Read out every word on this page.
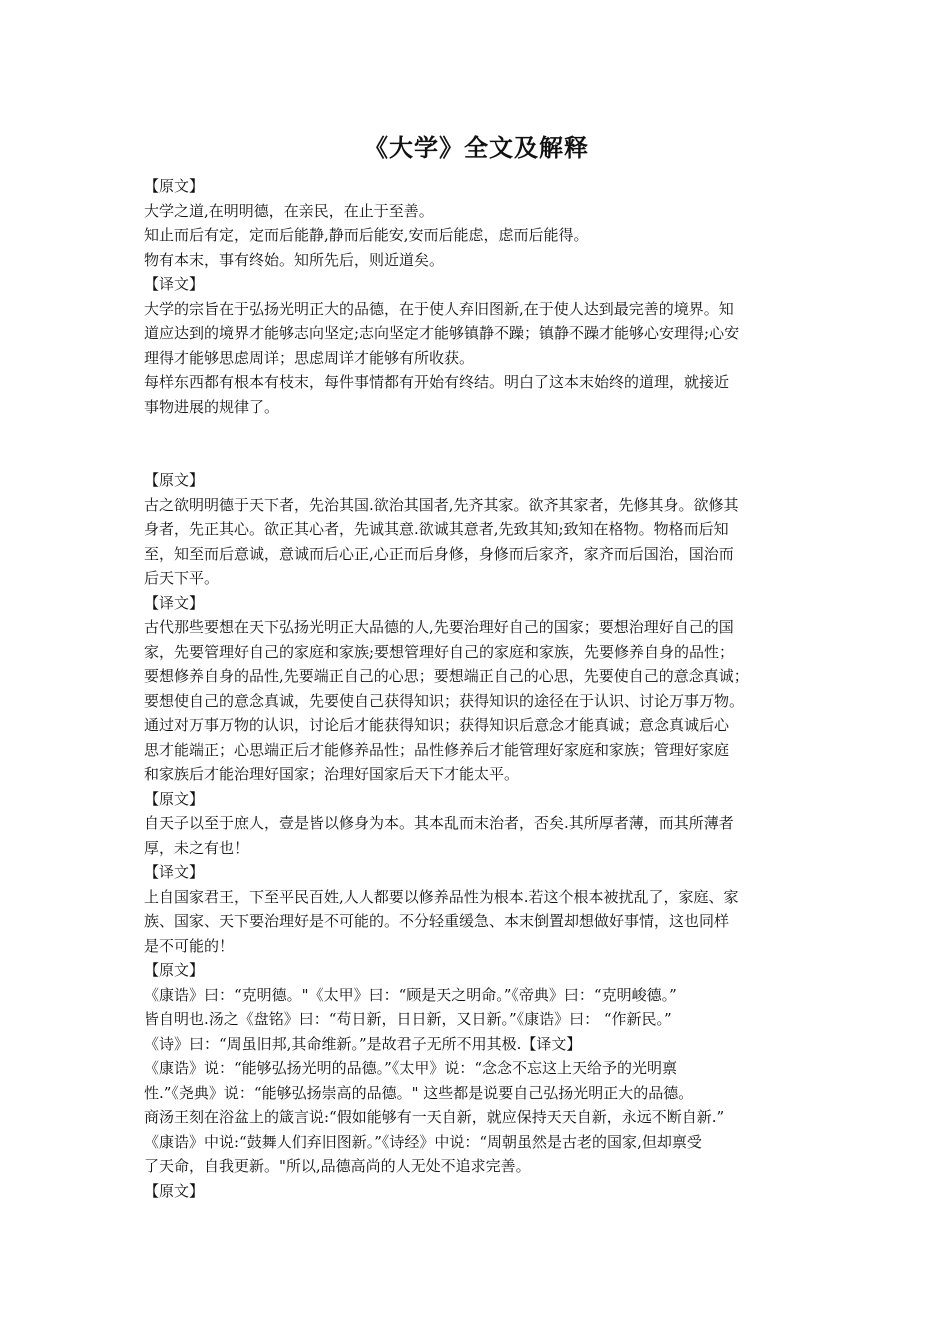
《大学》全文及解释

【原文】

大学之道,在明明德，在亲民，在止于至善。

知止而后有定，定而后能静,静而后能安,安而后能虑，虑而后能得。

物有本末，事有终始。知所先后，则近道矣。

【译文】

大学的宗旨在于弘扬光明正大的品德，在于使人弃旧图新,在于使人达到最完善的境界。知

道应达到的境界才能够志向坚定;志向坚定才能够镇静不躁；镇静不躁才能够心安理得;心安

理得才能够思虑周详；思虑周详才能够有所收获。

每样东西都有根本有枝末，每件事情都有开始有终结。明白了这本末始终的道理，就接近

事物进展的规律了。

【原文】

古之欲明明德于天下者，先治其国.欲治其国者,先齐其家。欲齐其家者，先修其身。欲修其

身者，先正其心。欲正其心者，先诚其意.欲诚其意者,先致其知;致知在格物。物格而后知

至，知至而后意诚，意诚而后心正,心正而后身修，身修而后家齐，家齐而后国治，国治而

后天下平。

【译文】

古代那些要想在天下弘扬光明正大品德的人,先要治理好自己的国家；要想治理好自己的国

家，先要管理好自己的家庭和家族;要想管理好自己的家庭和家族，先要修养自身的品性；

要想修养自身的品性,先要端正自己的心思；要想端正自己的心思，先要使自己的意念真诚；

要想使自己的意念真诚，先要使自己获得知识；获得知识的途径在于认识、讨论万事万物。

通过对万事万物的认识，讨论后才能获得知识；获得知识后意念才能真诚；意念真诚后心

思才能端正；心思端正后才能修养品性；品性修养后才能管理好家庭和家族；管理好家庭

和家族后才能治理好国家；治理好国家后天下才能太平。

【原文】

自天子以至于庶人，壹是皆以修身为本。其本乱而末治者，否矣.其所厚者薄，而其所薄者

厚，未之有也！

【译文】

上自国家君王，下至平民百姓,人人都要以修养品性为根本.若这个根本被扰乱了，家庭、家

族、国家、天下要治理好是不可能的。不分轻重缓急、本末倒置却想做好事情，这也同样

是不可能的！

【原文】

《康诰》曰：“克明德。"《太甲》曰：“顾是天之明命。”《帝典》曰：“克明峻德。”

皆自明也.汤之《盘铭》曰：“苟日新，日日新，又日新。”《康诰》曰： “作新民。”

《诗》曰：“周虽旧邦,其命维新。”是故君子无所不用其极.【译文】

《康诰》说：“能够弘扬光明的品德。”《太甲》说：“念念不忘这上天给予的光明禀

性.”《尧典》说：“能够弘扬崇高的品德。" 这些都是说要自己弘扬光明正大的品德。

商汤王刻在浴盆上的箴言说:“假如能够有一天自新，就应保持天天自新，永远不断自新.”

《康诰》中说:“鼓舞人们弃旧图新。”《诗经》中说：“周朝虽然是古老的国家,但却禀受

了天命，自我更新。"所以,品德高尚的人无处不追求完善。

【原文】
